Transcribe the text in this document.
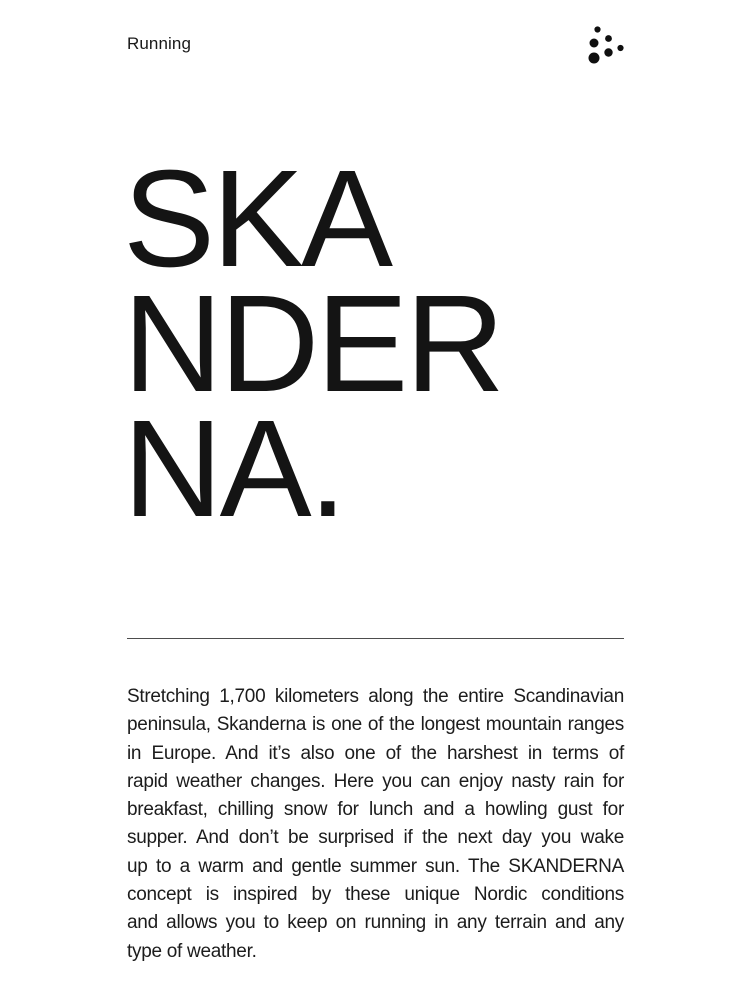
Running
SKA
NDER
NA.
Stretching 1,700 kilometers along the entire Scandinavian
peninsula, Skanderna is one of the longest mountain ranges
in Europe. And it’s also one of the harshest in terms of
rapid weather changes. Here you can enjoy nasty rain for
breakfast, chilling snow for lunch and a howling gust for
supper. And don’t be surprised if the next day you wake
up to a warm and gentle summer sun. The SKANDERNA
concept is inspired by these unique Nordic conditions
and allows you to keep on running in any terrain and any
type of weather.
